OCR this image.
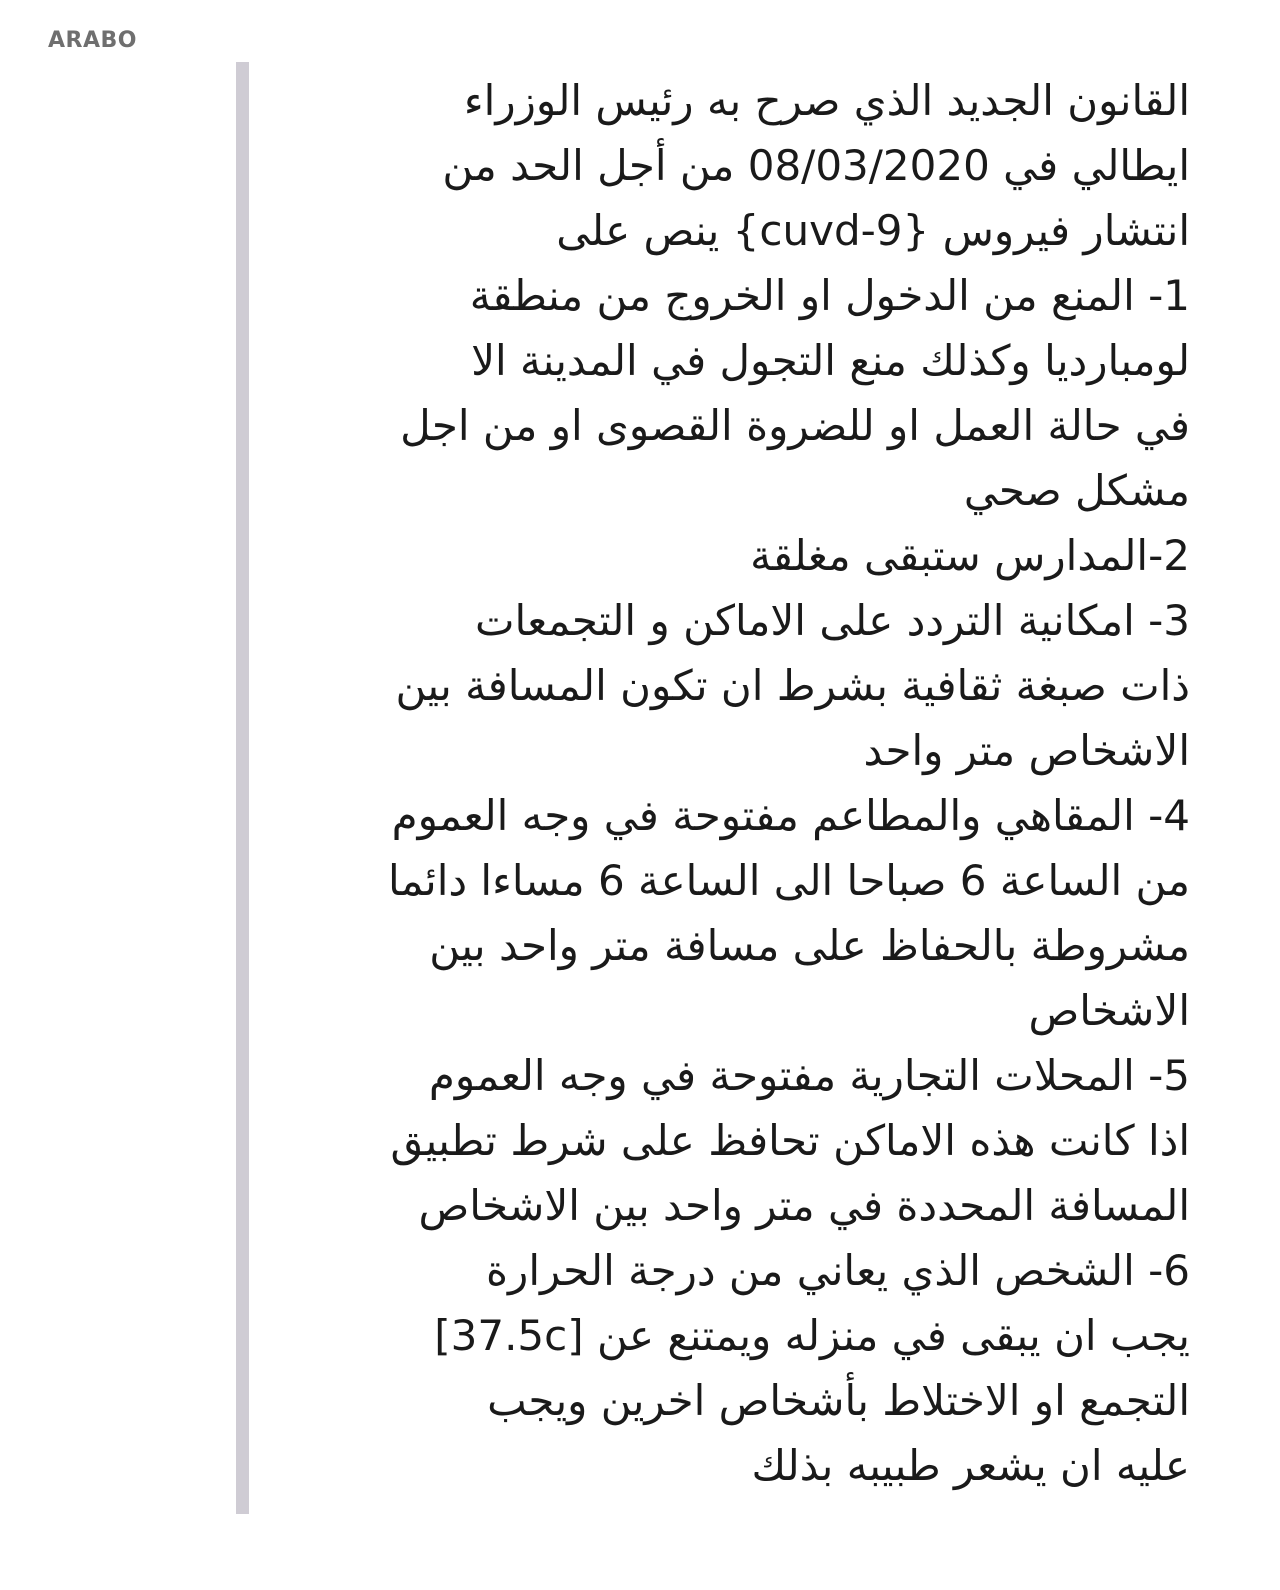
ARABO
القانون الجديد الذي صرح به رئيس الوزراء
ايطالي في 08/03/2020 من أجل الحد من
انتشار فيروس {cuvd-9} ينص على
1- المنع من الدخول او الخروج من منطقة
لومبارديا وكذلك منع التجول في المدينة الا
في حالة العمل او للضروة القصوى او من اجل
مشكل صحي
2-المدارس ستبقى مغلقة
3- امكانية التردد على الاماكن و التجمعات
ذات صبغة ثقافية بشرط ان تكون المسافة بين
الاشخاص متر واحد
4- المقاهي والمطاعم مفتوحة في وجه العموم
من الساعة 6 صباحا الى الساعة 6 مساءا دائما
مشروطة بالحفاظ على مسافة متر واحد بين
الاشخاص
5- المحلات التجارية مفتوحة في وجه العموم
اذا كانت هذه الاماكن تحافظ على شرط تطبيق
المسافة المحددة في متر واحد بين الاشخاص
6- الشخص الذي يعاني من درجة الحرارة
[37.5c] يجب ان يبقى في منزله ويمتنع عن
التجمع او الاختلاط بأشخاص اخرين ويجب
عليه ان يشعر طبيبه بذلك
